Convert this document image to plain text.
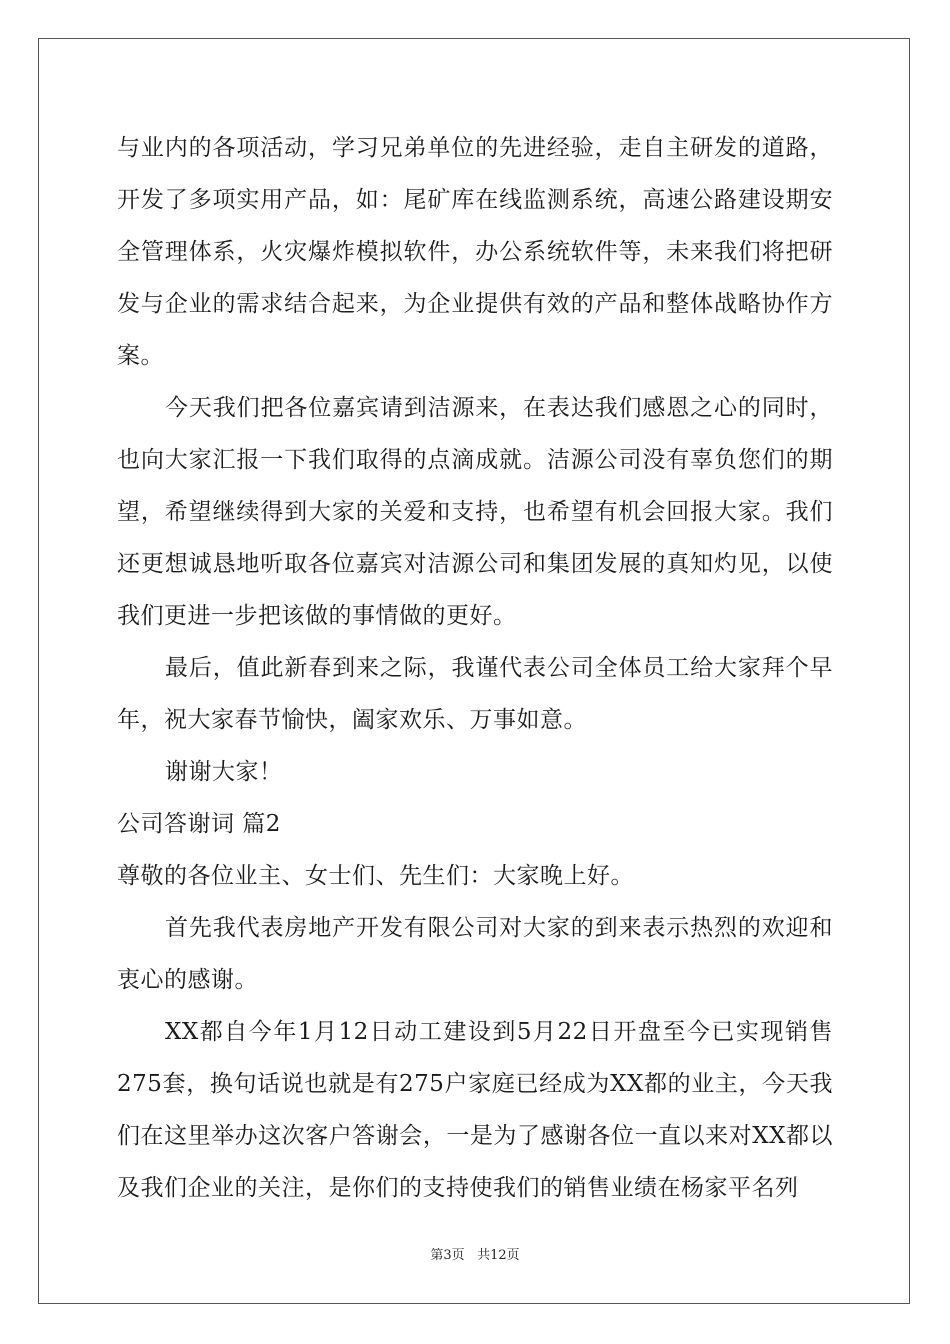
与业内的各项活动，学习兄弟单位的先进经验，走自主研发的道路，开发了多项实用产品，如：尾矿库在线监测系统，高速公路建设期安全管理体系，火灾爆炸模拟软件，办公系统软件等，未来我们将把研发与企业的需求结合起来，为企业提供有效的产品和整体战略协作方案。

今天我们把各位嘉宾请到洁源来，在表达我们感恩之心的同时，也向大家汇报一下我们取得的点滴成就。洁源公司没有辜负您们的期望，希望继续得到大家的关爱和支持，也希望有机会回报大家。我们还更想诚恳地听取各位嘉宾对洁源公司和集团发展的真知灼见，以使我们更进一步把该做的事情做的更好。

最后，值此新春到来之际，我谨代表公司全体员工给大家拜个早年，祝大家春节愉快，阖家欢乐、万事如意。

谢谢大家！

公司答谢词 篇2

尊敬的各位业主、女士们、先生们：大家晚上好。

首先我代表房地产开发有限公司对大家的到来表示热烈的欢迎和衷心的感谢。

XX都自今年1月12日动工建设到5月22日开盘至今已实现销售275套，换句话说也就是有275户家庭已经成为XX都的业主，今天我们在这里举办这次客户答谢会，一是为了感谢各位一直以来对XX都以及我们企业的关注，是你们的支持使我们的销售业绩在杨家平名列

第3页 共12页
